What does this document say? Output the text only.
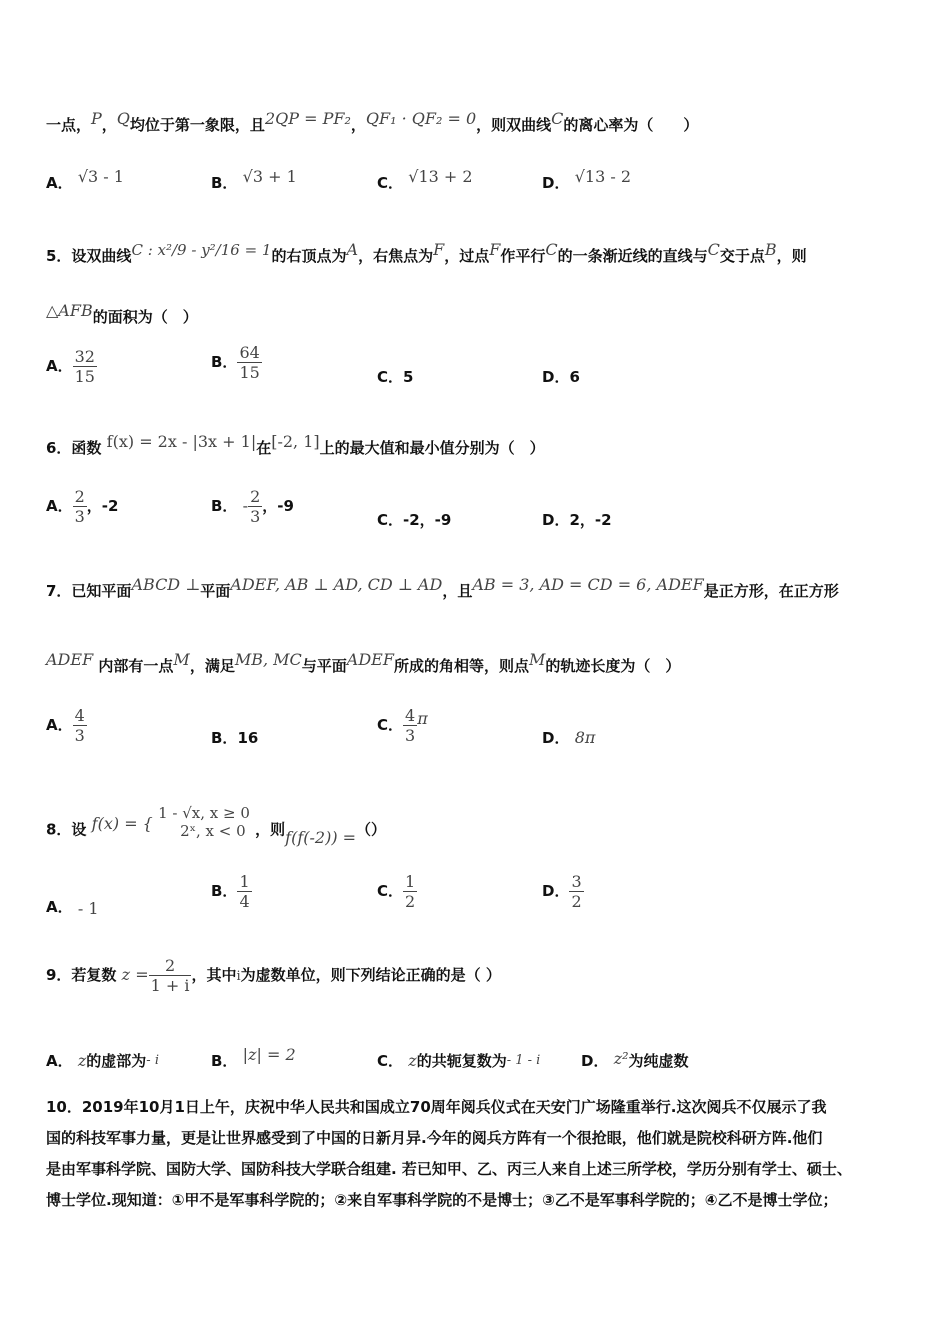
一点，P，Q均位于第一象限，且2QP = PF₂，QF₁ · QF₂ = 0，则双曲线C的离心率为（　　）
A． √3 - 1	B． √3 + 1	C． √13 + 2	D． √13 - 2
5．设双曲线C : x²/9 - y²/16 = 1的右顶点为A，右焦点为F，过点F作平行C的一条渐近线的直线与C交于点B，则
△AFB的面积为（　）
A． $\frac{32}{15}$	B． $\frac{64}{15}$	C．5	D．6
6．函数 f(x) = 2x - |3x + 1|在[-2, 1]上的最大值和最小值分别为（　）
A． $\frac{2}{3}$ ，-2	B． - $\frac{2}{3}$ ，-9
C．-2，-9	D．2，-2
7．已知平面ABCD ⊥平面ADEF, AB ⊥ AD, CD ⊥ AD，且AB = 3, AD = CD = 6, ADEF是正方形，在正方形
ADEF 内部有一点M，满足MB, MC与平面ADEF所成的角相等，则点M的轨迹长度为（　）
A． $\frac{4}{3}$	B．16
C． $\frac{4}{3}$ π
D． 8π
8．设 f(x) = {
1 - √x, x ≥ 0
2ˣ, x < 0 ，则f(f(-2)) =（）
A． - 1
B． $\frac{1}{4}$	C． $\frac{1}{2}$	D． $\frac{3}{2}$
9．若复数 $z = \frac{2}{1 + i}$ ，其中i为虚数单位，则下列结论正确的是（ ）
A． z的虚部为- i	B． |z| = 2	C． z的共轭复数为- 1 - i	D． z²为纯虚数
10．2019年10月1日上午，庆祝中华人民共和国成立70周年阅兵仪式在天安门广场隆重举行.这次阅兵不仅展示了我
国的科技军事力量，更是让世界感受到了中国的日新月异.今年的阅兵方阵有一个很抢眼，他们就是院校科研方阵.他们
是由军事科学院、国防大学、国防科技大学联合组建. 若已知甲、乙、丙三人来自上述三所学校，学历分别有学士、硕士、
博士学位.现知道：①甲不是军事科学院的；②来自军事科学院的不是博士；③乙不是军事科学院的；④乙不是博士学位；
